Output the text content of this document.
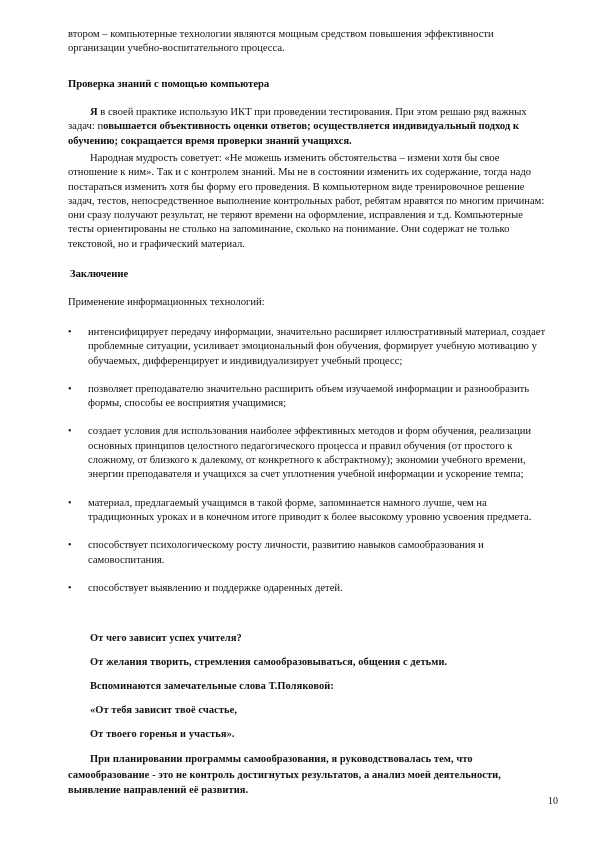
втором – компьютерные технологии являются мощным средством повышения эффективности организации учебно-воспитательного процесса.
Проверка знаний с помощью компьютера
Я в своей практике использую ИКТ при проведении тестирования. При этом решаю ряд важных задач: повышается объективность оценки ответов; осуществляется индивидуальный подход к обучению; сокращается время проверки знаний учащихся.
Народная мудрость советует: «Не можешь изменить обстоятельства – измени хотя бы свое отношение к ним». Так и с контролем знаний. Мы не в состоянии изменить их содержание, тогда надо постараться изменить хотя бы форму его проведения. В компьютерном виде тренировочное решение задач, тестов, непосредственное выполнение контрольных работ, ребятам нравятся по многим причинам: они сразу получают результат, не теряют времени на оформление, исправления и т.д. Компьютерные тесты ориентированы не столько на запоминание, сколько на понимание. Они содержат не только текстовой, но и графический материал.
Заключение
Применение информационных технологий:
• интенсифицирует передачу информации, значительно расширяет иллюстративный материал, создает проблемные ситуации, усиливает эмоциональный фон обучения, формирует учебную мотивацию у обучаемых, дифференцирует и индивидуализирует учебный процесс;
• позволяет преподавателю значительно расширить объем изучаемой информации и разнообразить формы, способы ее восприятия учащимися;
• создает условия для использования наиболее эффективных методов и форм обучения, реализации основных принципов целостного педагогического процесса и правил обучения (от простого к сложному, от близкого к далекому, от конкретного к абстрактному); экономии учебного времени, энергии преподавателя и учащихся за счет уплотнения учебной информации и ускорение темпа;
• материал, предлагаемый учащимся в такой форме, запоминается намного лучше, чем на традиционных уроках и в конечном итоге приводит к более высокому уровню усвоения предмета.
• способствует психологическому росту личности, развитию навыков самообразования и самовоспитания.
• способствует выявлению и поддержке одаренных детей.
От чего зависит успех учителя?
От желания творить, стремления самообразовываться, общения с детьми.
Вспоминаются замечательные слова Т.Поляковой:
«От тебя зависит твоё счастье,
От твоего горенья и участья».
При планировании программы самообразования, я руководствовалась тем, что самообразование - это не контроль достигнутых результатов, а анализ моей деятельности, выявление направлений её развития.
10
